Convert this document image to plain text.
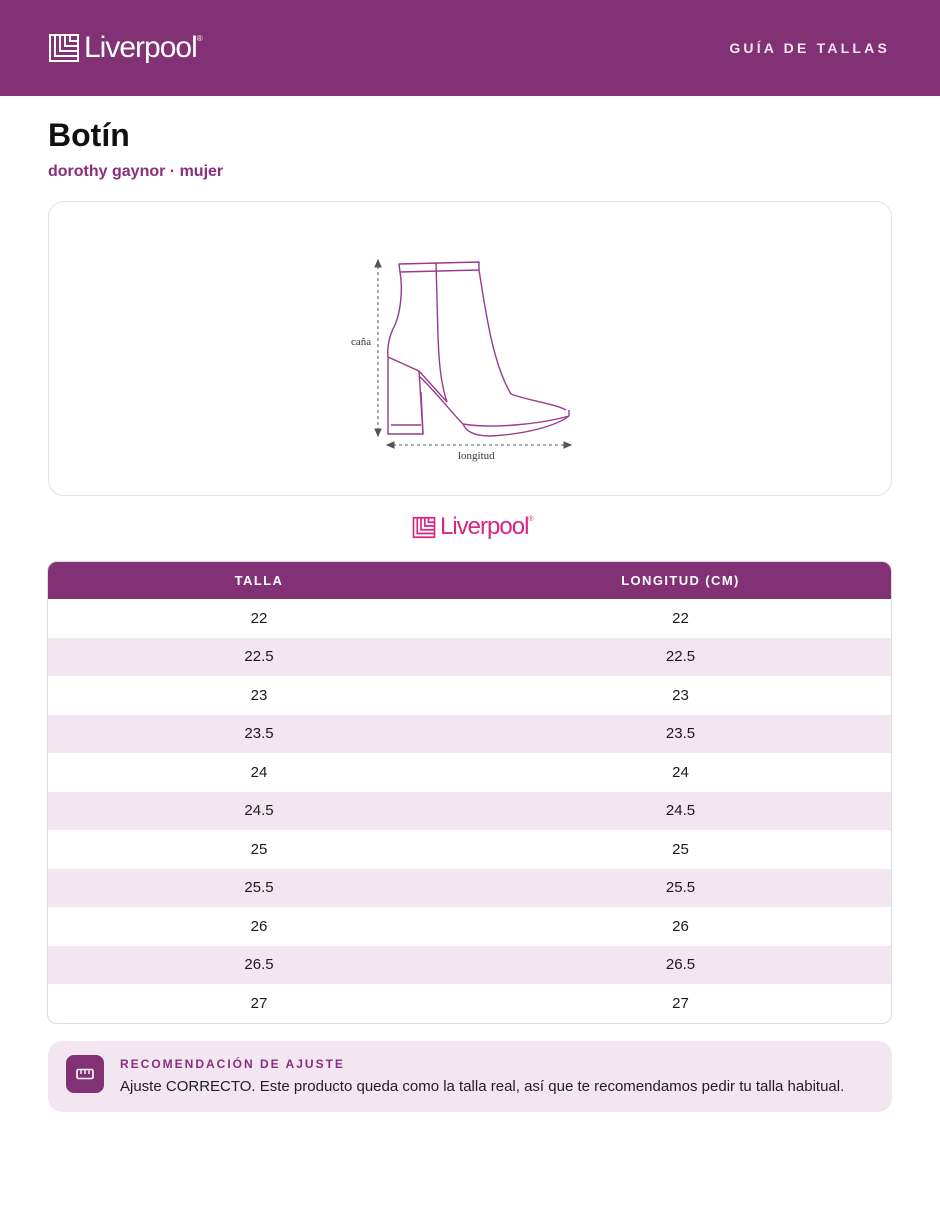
Liverpool ®
GUÍA DE TALLAS
Botín
dorothy gaynor · mujer
caña
longitud
Liverpool ®
TALLA	LONGITUD (CM)
22	22
22.5	22.5
23	23
23.5	23.5
24	24
24.5	24.5
25	25
25.5	25.5
26	26
26.5	26.5
27	27
RECOMENDACIÓN DE AJUSTE
Ajuste CORRECTO. Este producto queda como la talla real, así que te recomendamos pedir tu talla habitual.
